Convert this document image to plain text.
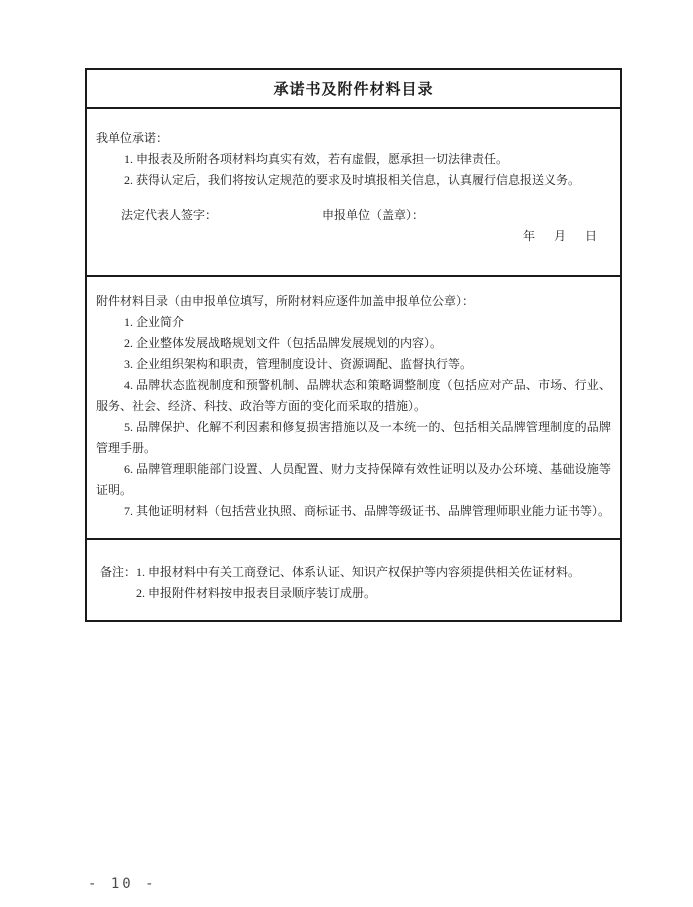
承诺书及附件材料目录

我单位承诺：

1. 申报表及所附各项材料均真实有效，若有虚假，愿承担一切法律责任。

2. 获得认定后，我们将按认定规范的要求及时填报相关信息，认真履行信息报送义务。

法定代表人签字：	申报单位（盖章）：
年 月 日

附件材料目录（由申报单位填写，所附材料应逐件加盖申报单位公章）：

1. 企业简介

2. 企业整体发展战略规划文件（包括品牌发展规划的内容）。

3. 企业组织架构和职责，管理制度设计、资源调配、监督执行等。

4. 品牌状态监视制度和预警机制、品牌状态和策略调整制度（包括应对产品、市场、行业、服务、社会、经济、科技、政治等方面的变化而采取的措施）。

5. 品牌保护、化解不利因素和修复损害措施以及一本统一的、包括相关品牌管理制度的品牌管理手册。

6. 品牌管理职能部门设置、人员配置、财力支持保障有效性证明以及办公环境、基础设施等证明。

7. 其他证明材料（包括营业执照、商标证书、品牌等级证书、品牌管理师职业能力证书等）。

备注： 1. 申报材料中有关工商登记、体系认证、知识产权保护等内容须提供相关佐证材料。

2. 申报附件材料按申报表目录顺序装订成册。

- 10 -
